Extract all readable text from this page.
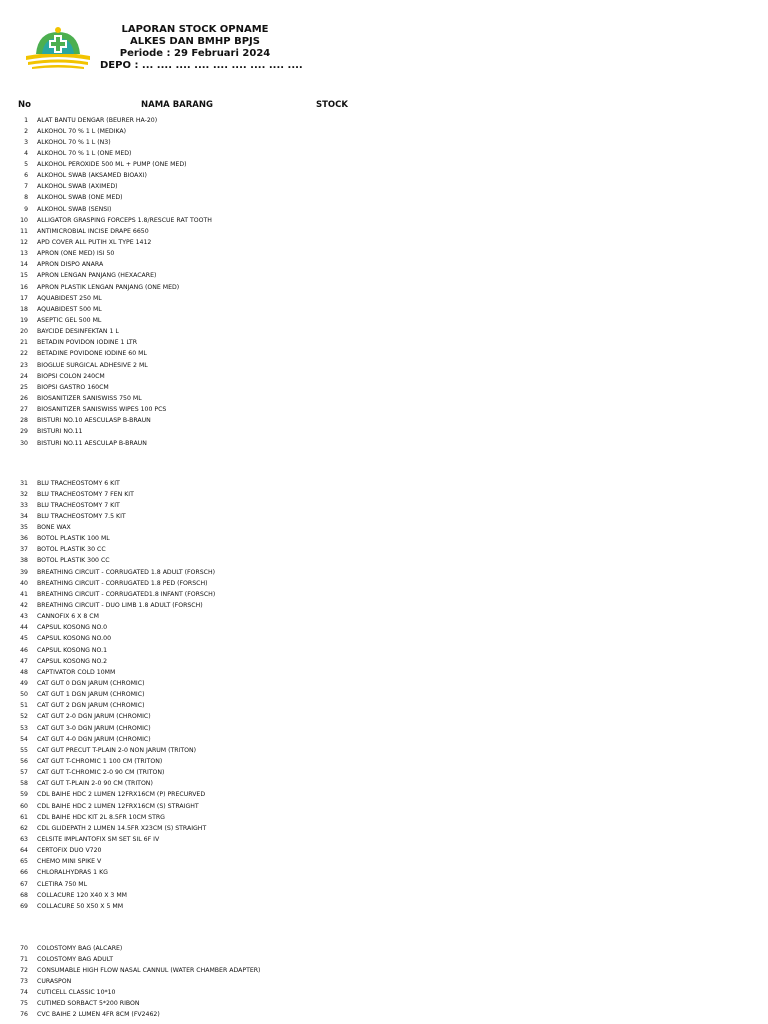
LAPORAN STOCK OPNAME
ALKES DAN BMHP BPJS
Periode : 29 Februari 2024
DEPO : ... .... .... .... .... .... .... .... ....
No	NAMA BARANG	STOCK
1 ALAT BANTU DENGAR (BEURER HA-20)
2 ALKOHOL 70 % 1 L (MEDIKA)
3 ALKOHOL 70 % 1 L (N3)
4 ALKOHOL 70 % 1 L (ONE MED)
5 ALKOHOL PEROXIDE 500 ML + PUMP (ONE MED)
6 ALKOHOL SWAB (AKSAMED BIOAXI)
7 ALKOHOL SWAB (AXIMED)
8 ALKOHOL SWAB (ONE MED)
9 ALKOHOL SWAB (SENSI)
10 ALLIGATOR GRASPING FORCEPS 1.8/RESCUE RAT TOOTH
11 ANTIMICROBIAL INCISE DRAPE 6650
12 APD COVER ALL PUTIH XL TYPE 1412
13 APRON (ONE MED) ISI 50
14 APRON DISPO ANARA
15 APRON LENGAN PANJANG (HEXACARE)
16 APRON PLASTIK LENGAN PANJANG (ONE MED)
17 AQUABIDEST 250 ML
18 AQUABIDEST 500 ML
19 ASEPTIC GEL 500 ML
20 BAYCIDE DESINFEKTAN 1 L
21 BETADIN POVIDON IODINE 1 LTR
22 BETADINE POVIDONE IODINE 60 ML
23 BIOGLUE SURGICAL ADHESIVE 2 ML
24 BIOPSI COLON 240CM
25 BIOPSI GASTRO 160CM
26 BIOSANITIZER SANISWISS 750 ML
27 BIOSANITIZER SANISWISS WIPES 100 PCS
28 BISTURI NO.10 AESCULASP B-BRAUN
29 BISTURI NO.11
30 BISTURI NO.11 AESCULAP B-BRAUN
31 BLU TRACHEOSTOMY 6 KIT
32 BLU TRACHEOSTOMY 7 FEN KIT
33 BLU TRACHEOSTOMY 7 KIT
34 BLU TRACHEOSTOMY 7.5 KIT
35 BONE WAX
36 BOTOL PLASTIK 100 ML
37 BOTOL PLASTIK 30 CC
38 BOTOL PLASTIK 300 CC
39 BREATHING CIRCUIT - CORRUGATED 1.8 ADULT (FORSCH)
40 BREATHING CIRCUIT - CORRUGATED 1.8 PED (FORSCH)
41 BREATHING CIRCUIT - CORRUGATED1.8 INFANT (FORSCH)
42 BREATHING CIRCUIT - DUO LIMB 1.8 ADULT (FORSCH)
43 CANNOFIX 6 X 8 CM
44 CAPSUL KOSONG NO.0
45 CAPSUL KOSONG NO.00
46 CAPSUL KOSONG NO.1
47 CAPSUL KOSONG NO.2
48 CAPTIVATOR COLD 10MM
49 CAT GUT 0 DGN JARUM (CHROMIC)
50 CAT GUT 1 DGN JARUM (CHROMIC)
51 CAT GUT 2 DGN JARUM (CHROMIC)
52 CAT GUT 2-0 DGN JARUM (CHROMIC)
53 CAT GUT 3-0 DGN JARUM (CHROMIC)
54 CAT GUT 4-0 DGN JARUM (CHROMIC)
55 CAT GUT PRECUT T-PLAIN 2-0 NON JARUM (TRITON)
56 CAT GUT T-CHROMIC 1 100 CM (TRITON)
57 CAT GUT T-CHROMIC 2-0 90 CM (TRITON)
58 CAT GUT T-PLAIN 2-0 90 CM (TRITON)
59 CDL BAIHE HDC 2 LUMEN 12FRX16CM (P) PRECURVED
60 CDL BAIHE HDC 2 LUMEN 12FRX16CM (S) STRAIGHT
61 CDL BAIHE HDC KIT 2L 8.5FR 10CM STRG
62 CDL GLIDEPATH 2 LUMEN 14.5FR X23CM (S) STRAIGHT
63 CELSITE IMPLANTOFIX SM SET SIL 6F IV
64 CERTOFIX DUO V720
65 CHEMO MINI SPIKE V
66 CHLORALHYDRAS 1 KG
67 CLETIRA 750 ML
68 COLLACURE 120 X40 X 3 MM
69 COLLACURE 50 X50 X 5 MM
70 COLOSTOMY BAG (ALCARE)
71 COLOSTOMY BAG ADULT
72 CONSUMABLE HIGH FLOW NASAL CANNUL (WATER CHAMBER ADAPTER)
73 CURASPON
74 CUTICELL CLASSIC 10*10
75 CUTIMED SORBACT 5*200 RIBON
76 CVC BAIHE 2 LUMEN 4FR 8CM (FV2462)
